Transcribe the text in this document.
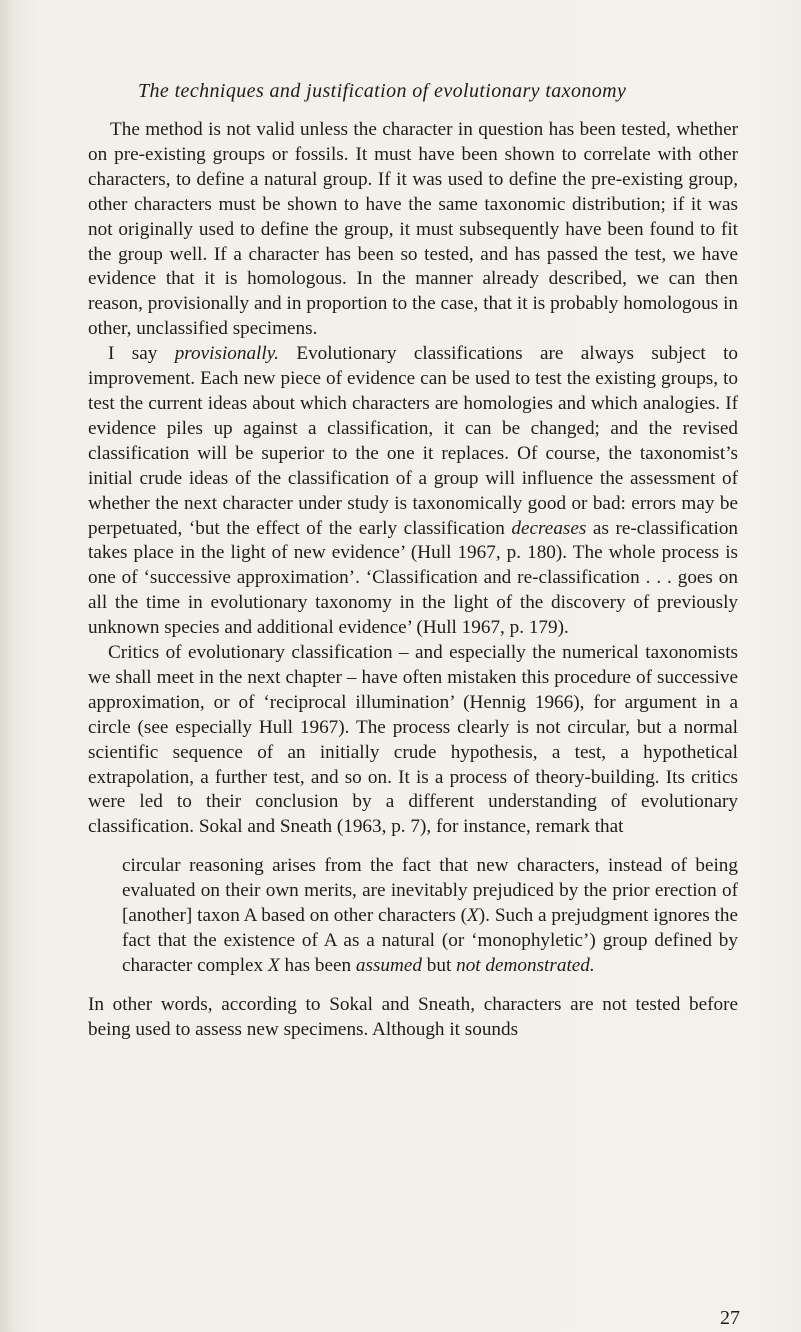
The techniques and justification of evolutionary taxonomy

The method is not valid unless the character in question has been tested, whether on pre-existing groups or fossils. It must have been shown to correlate with other characters, to define a natural group. If it was used to define the pre-existing group, other characters must be shown to have the same taxonomic distribution; if it was not originally used to define the group, it must subsequently have been found to fit the group well. If a character has been so tested, and has passed the test, we have evidence that it is homologous. In the manner already described, we can then reason, provisionally and in proportion to the case, that it is probably homologous in other, unclassified specimens.

I say provisionally. Evolutionary classifications are always subject to improvement. Each new piece of evidence can be used to test the existing groups, to test the current ideas about which characters are homologies and which analogies. If evidence piles up against a classification, it can be changed; and the revised classification will be superior to the one it replaces. Of course, the taxonomist’s initial crude ideas of the classification of a group will influence the assessment of whether the next character under study is taxonomically good or bad: errors may be perpetuated, ‘but the effect of the early classification decreases as re-classification takes place in the light of new evidence’ (Hull 1967, p. 180). The whole process is one of ‘successive approximation’. ‘Classification and re-classification . . . goes on all the time in evolutionary taxonomy in the light of the discovery of previously unknown species and additional evidence’ (Hull 1967, p. 179).

Critics of evolutionary classification – and especially the numerical taxonomists we shall meet in the next chapter – have often mistaken this procedure of successive approximation, or of ‘reciprocal illumination’ (Hennig 1966), for argument in a circle (see especially Hull 1967). The process clearly is not circular, but a normal scientific sequence of an initially crude hypothesis, a test, a hypothetical extrapolation, a further test, and so on. It is a process of theory-building. Its critics were led to their conclusion by a different understanding of evolutionary classification. Sokal and Sneath (1963, p. 7), for instance, remark that

circular reasoning arises from the fact that new characters, instead of being evaluated on their own merits, are inevitably prejudiced by the prior erection of [another] taxon A based on other characters (X). Such a prejudgment ignores the fact that the existence of A as a natural (or ‘monophyletic’) group defined by character complex X has been assumed but not demonstrated.

In other words, according to Sokal and Sneath, characters are not tested before being used to assess new specimens. Although it sounds

27
